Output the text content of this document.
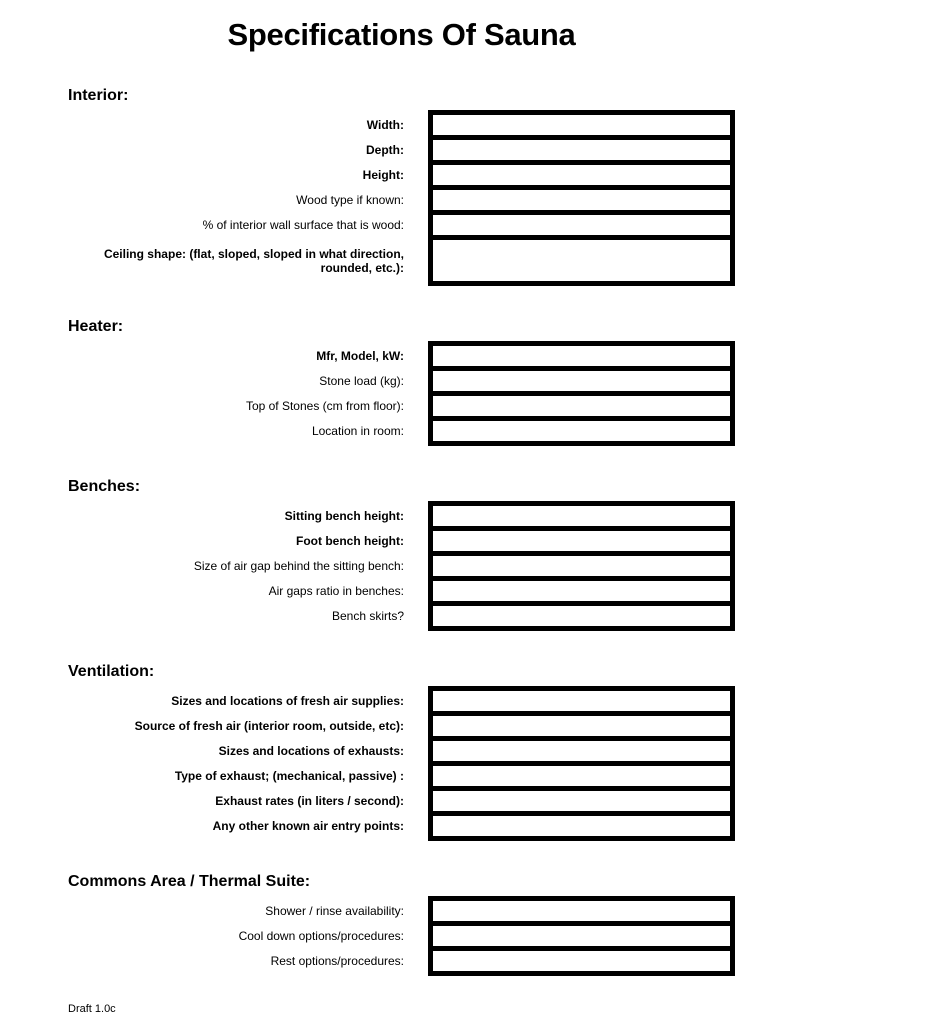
Specifications Of Sauna
Interior:
Width:
Depth:
Height:
Wood type if known:
% of interior wall surface that is wood:
Ceiling shape: (flat, sloped, sloped in what direction, rounded, etc.):
Heater:
Mfr, Model, kW:
Stone load (kg):
Top of Stones (cm from floor):
Location in room:
Benches:
Sitting bench height:
Foot bench height:
Size of air gap behind the sitting bench:
Air gaps ratio in benches:
Bench skirts?
Ventilation:
Sizes and locations of fresh air supplies:
Source of fresh air (interior room, outside, etc):
Sizes and locations of exhausts:
Type of exhaust; (mechanical, passive) :
Exhaust rates (in liters / second):
Any other known air entry points:
Commons Area / Thermal Suite:
Shower / rinse availability:
Cool down options/procedures:
Rest options/procedures:
Draft 1.0c
